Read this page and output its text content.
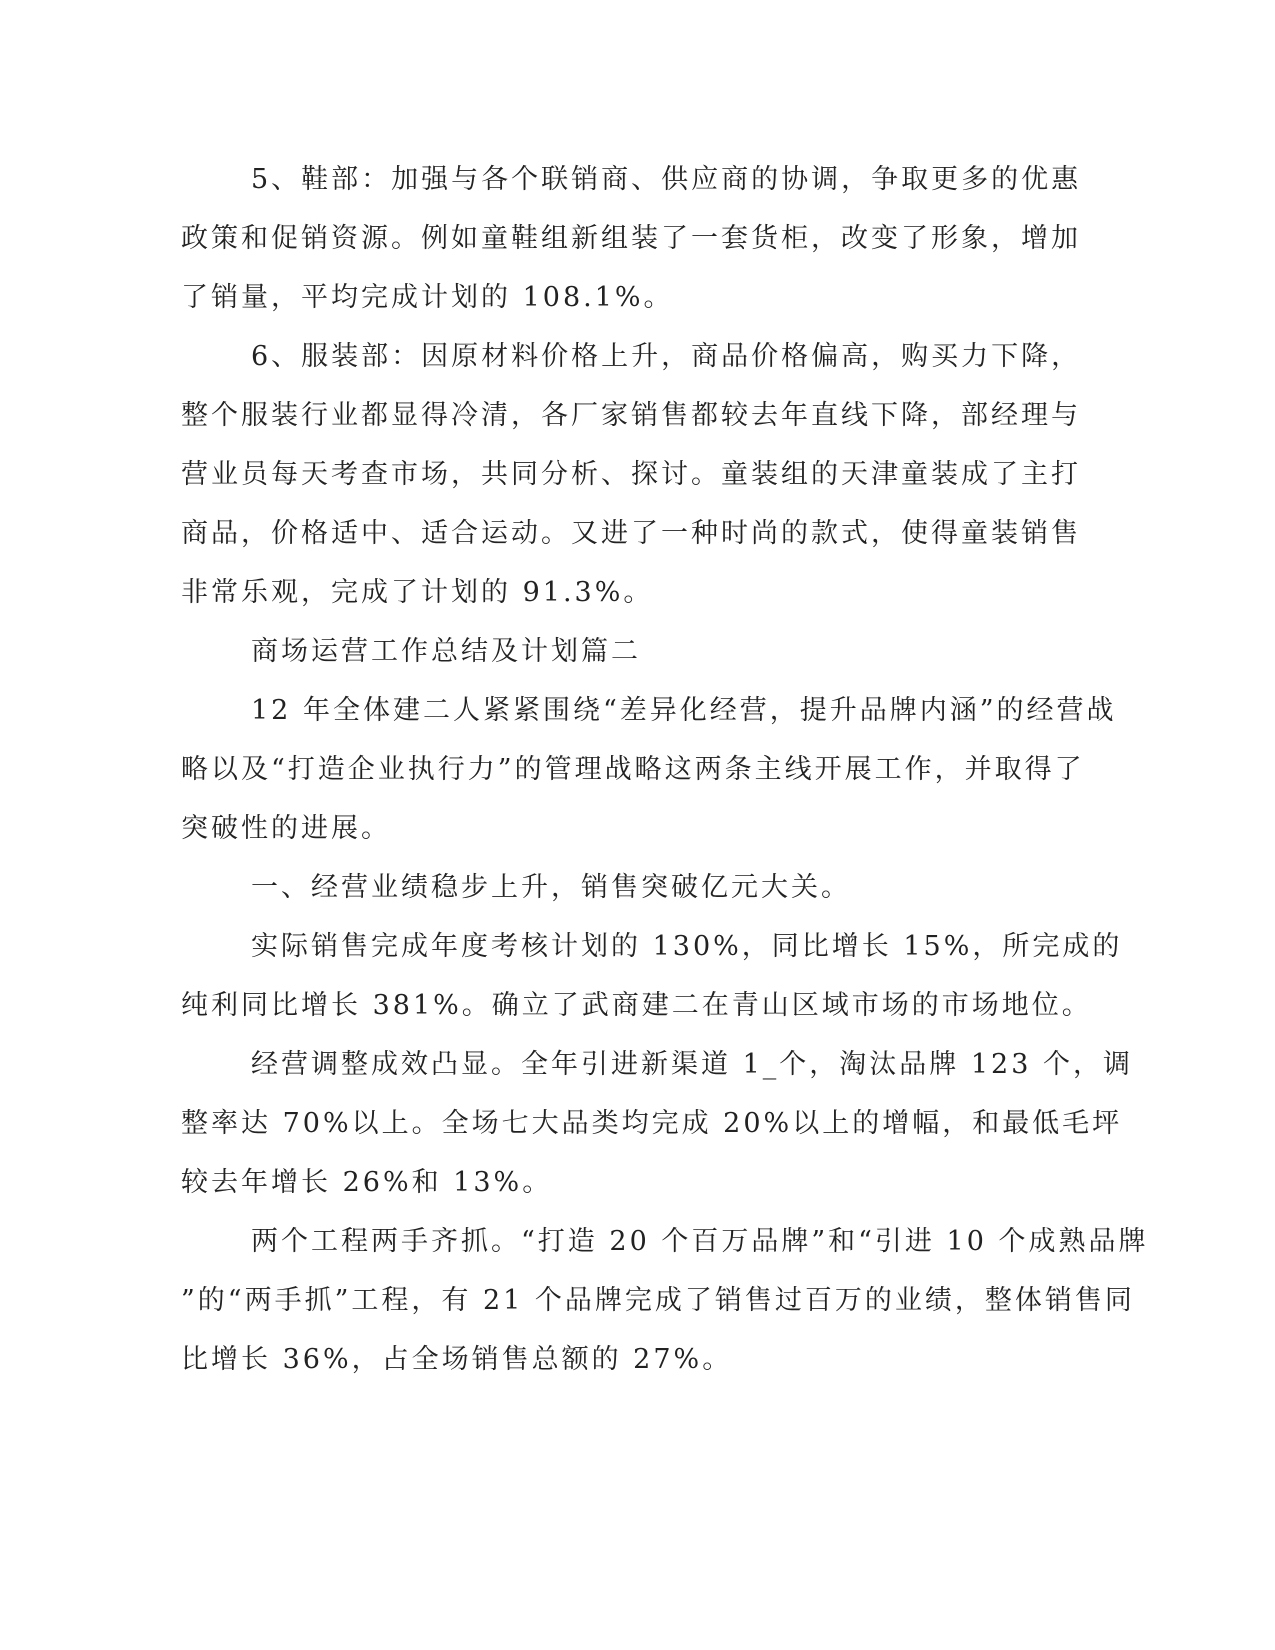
5、鞋部：加强与各个联销商、供应商的协调，争取更多的优惠
政策和促销资源。例如童鞋组新组装了一套货柜，改变了形象，增加
了销量，平均完成计划的 108.1%。
6、服装部：因原材料价格上升，商品价格偏高，购买力下降，
整个服装行业都显得冷清，各厂家销售都较去年直线下降，部经理与
营业员每天考查市场，共同分析、探讨。童装组的天津童装成了主打
商品，价格适中、适合运动。又进了一种时尚的款式，使得童装销售
非常乐观，完成了计划的 91.3%。
商场运营工作总结及计划篇二
12 年全体建二人紧紧围绕“差异化经营，提升品牌内涵”的经营战
略以及“打造企业执行力”的管理战略这两条主线开展工作，并取得了
突破性的进展。
一、经营业绩稳步上升，销售突破亿元大关。
实际销售完成年度考核计划的 130%，同比增长 15%，所完成的
纯利同比增长 381%。确立了武商建二在青山区域市场的市场地位。
经营调整成效凸显。全年引进新渠道 1_个，淘汰品牌 123 个，调
整率达 70%以上。全场七大品类均完成 20%以上的增幅，和最低毛坪
较去年增长 26%和 13%。
两个工程两手齐抓。“打造 20 个百万品牌”和“引进 10 个成熟品牌
”的“两手抓”工程，有 21 个品牌完成了销售过百万的业绩，整体销售同
比增长 36%，占全场销售总额的 27%。
